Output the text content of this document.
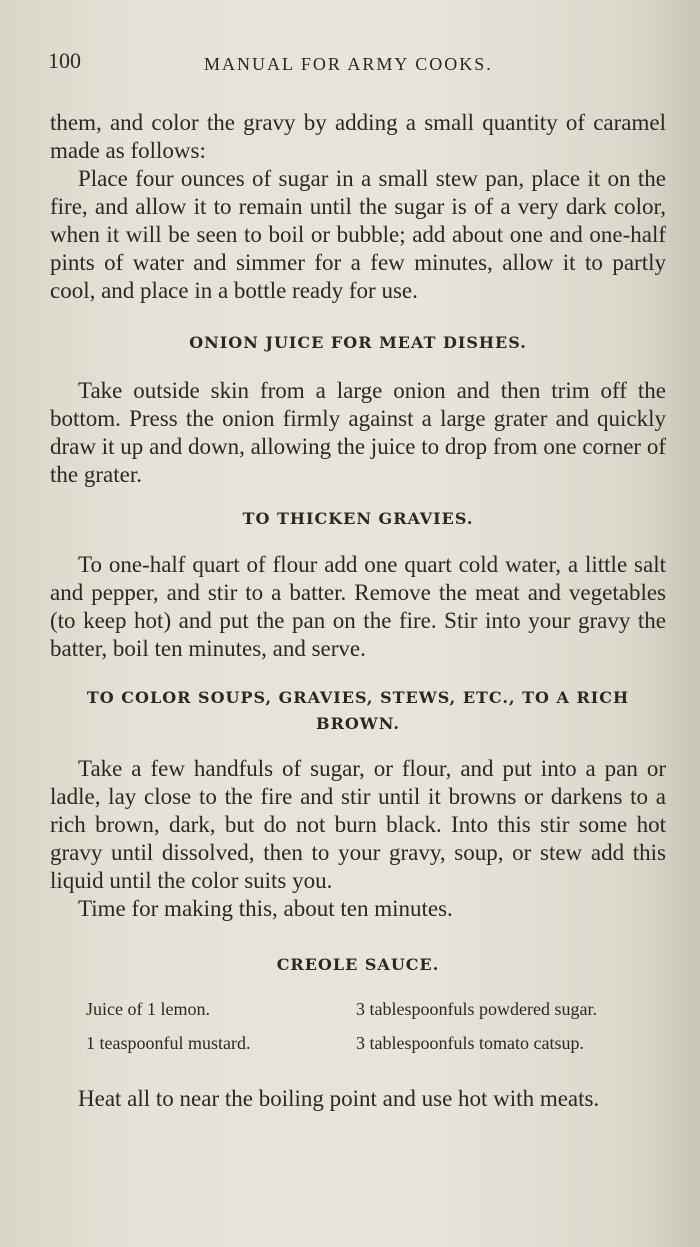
100	MANUAL FOR ARMY COOKS.

them, and color the gravy by adding a small quantity of caramel made as follows:

Place four ounces of sugar in a small stew pan, place it on the fire, and allow it to remain until the sugar is of a very dark color, when it will be seen to boil or bubble; add about one and one-half pints of water and simmer for a few minutes, allow it to partly cool, and place in a bottle ready for use.

ONION JUICE FOR MEAT DISHES.

Take outside skin from a large onion and then trim off the bottom. Press the onion firmly against a large grater and quickly draw it up and down, allowing the juice to drop from one corner of the grater.

TO THICKEN GRAVIES.

To one-half quart of flour add one quart cold water, a little salt and pepper, and stir to a batter. Remove the meat and vegetables (to keep hot) and put the pan on the fire. Stir into your gravy the batter, boil ten minutes, and serve.

TO COLOR SOUPS, GRAVIES, STEWS, ETC., TO A RICH BROWN.

Take a few handfuls of sugar, or flour, and put into a pan or ladle, lay close to the fire and stir until it browns or darkens to a rich brown, dark, but do not burn black. Into this stir some hot gravy until dissolved, then to your gravy, soup, or stew add this liquid until the color suits you.

Time for making this, about ten minutes.

CREOLE SAUCE.
Juice of 1 lemon.	3 tablespoonfuls powdered sugar.
1 teaspoonful mustard.	3 tablespoonfuls tomato catsup.

Heat all to near the boiling point and use hot with meats.
